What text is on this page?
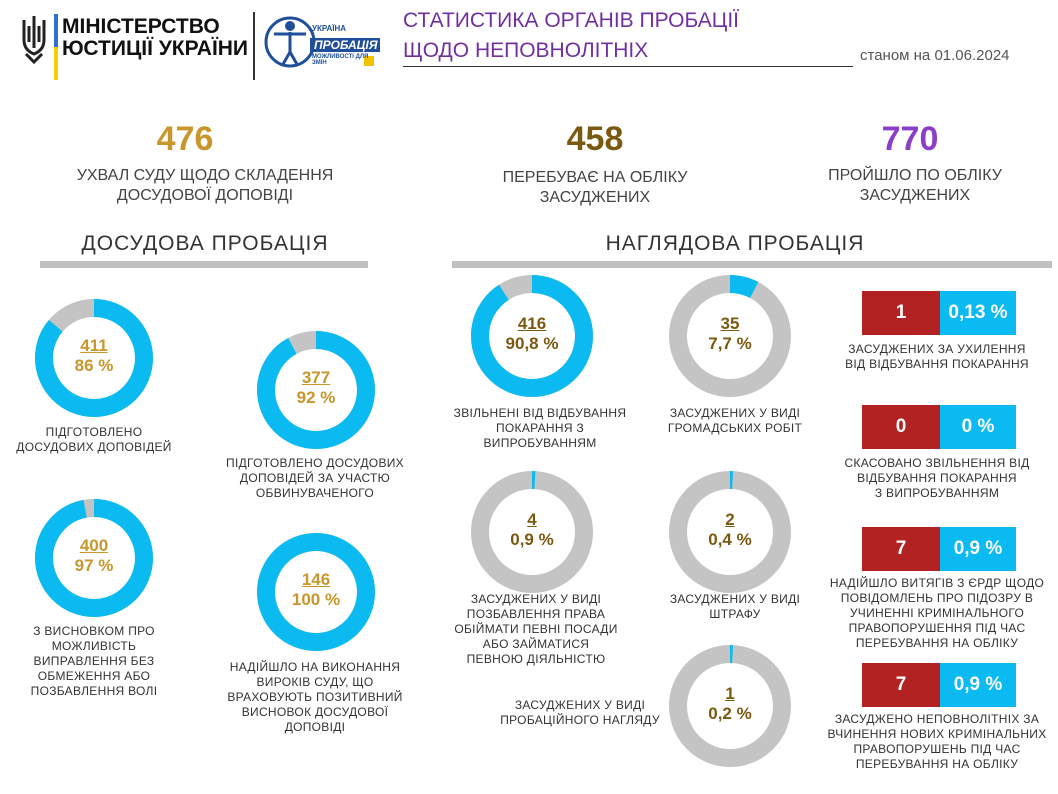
МІНІСТЕРСТВО
ЮСТИЦІЇ УКРАЇНИ
УКРАЇНА
ПРОБАЦІЯ
МОЖЛИВОСТІ ДЛЯ ЗМІН
СТАТИСТИКА ОРГАНІВ ПРОБАЦІЇ
ЩОДО НЕПОВНОЛІТНІХ	станом на 01.06.2024
476
УХВАЛ СУДУ ЩОДО СКЛАДЕННЯ
ДОСУДОВОЇ ДОПОВІДІ
458
ПЕРЕБУВАЄ НА ОБЛІКУ
ЗАСУДЖЕНИХ
770
ПРОЙШЛО ПО ОБЛІКУ
ЗАСУДЖЕНИХ
ДОСУДОВА ПРОБАЦІЯ	НАГЛЯДОВА ПРОБАЦІЯ
411
86 %
ПІДГОТОВЛЕНО
ДОСУДОВИХ ДОПОВІДЕЙ
377
92 %
ПІДГОТОВЛЕНО ДОСУДОВИХ
ДОПОВІДЕЙ ЗА УЧАСТЮ
ОБВИНУВАЧЕНОГО
400
97 %
З ВИСНОВКОМ ПРО
МОЖЛИВІСТЬ
ВИПРАВЛЕННЯ БЕЗ
ОБМЕЖЕННЯ АБО
ПОЗБАВЛЕННЯ ВОЛІ
146
100 %
НАДІЙШЛО НА ВИКОНАННЯ
ВИРОКІВ СУДУ, ЩО
ВРАХОВУЮТЬ ПОЗИТИВНИЙ
ВИСНОВОК ДОСУДОВОЇ
ДОПОВІДІ
416
90,8 %
ЗВІЛЬНЕНІ ВІД ВІДБУВАННЯ
ПОКАРАННЯ З
ВИПРОБУВАННЯМ
35
7,7 %
ЗАСУДЖЕНИХ У ВИДІ
ГРОМАДСЬКИХ РОБІТ
4
0,9 %
ЗАСУДЖЕНИХ У ВИДІ
ПОЗБАВЛЕННЯ ПРАВА
ОБІЙМАТИ ПЕВНІ ПОСАДИ
АБО ЗАЙМАТИСЯ
ПЕВНОЮ ДІЯЛЬНІСТЮ
2
0,4 %
ЗАСУДЖЕНИХ У ВИДІ
ШТРАФУ
1
0,2 %
ЗАСУДЖЕНИХ У ВИДІ
ПРОБАЦІЙНОГО НАГЛЯДУ
1	0,13 %
ЗАСУДЖЕНИХ ЗА УХИЛЕННЯ
ВІД ВІДБУВАННЯ ПОКАРАННЯ
0	0 %
СКАСОВАНО ЗВІЛЬНЕННЯ ВІД
ВІДБУВАННЯ ПОКАРАННЯ
З ВИПРОБУВАННЯМ
7	0,9 %
НАДІЙШЛО ВИТЯГІВ З ЄРДР ЩОДО
ПОВІДОМЛЕНЬ ПРО ПІДОЗРУ В
УЧИНЕННІ КРИМІНАЛЬНОГО
ПРАВОПОРУШЕННЯ ПІД ЧАС
ПЕРЕБУВАННЯ НА ОБЛІКУ
7	0,9 %
ЗАСУДЖЕНО НЕПОВНОЛІТНІХ ЗА
ВЧИНЕННЯ НОВИХ КРИМІНАЛЬНИХ
ПРАВОПОРУШЕНЬ ПІД ЧАС
ПЕРЕБУВАННЯ НА ОБЛІКУ
